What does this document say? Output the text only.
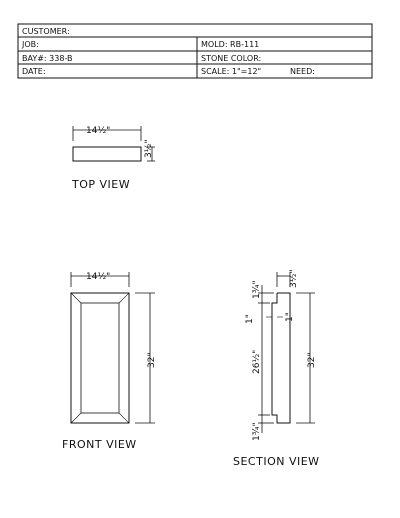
CUSTOMER:
JOB:	MOLD: RB-111
BAY#: 338-B	STONE COLOR:
DATE:	SCALE: 1"=12"	NEED:
14½"
3½"
TOP VIEW
14½"
32"
FRONT VIEW
3½"
1¾"
1"	1"
26½"
1¾"
32"
SECTION VIEW
